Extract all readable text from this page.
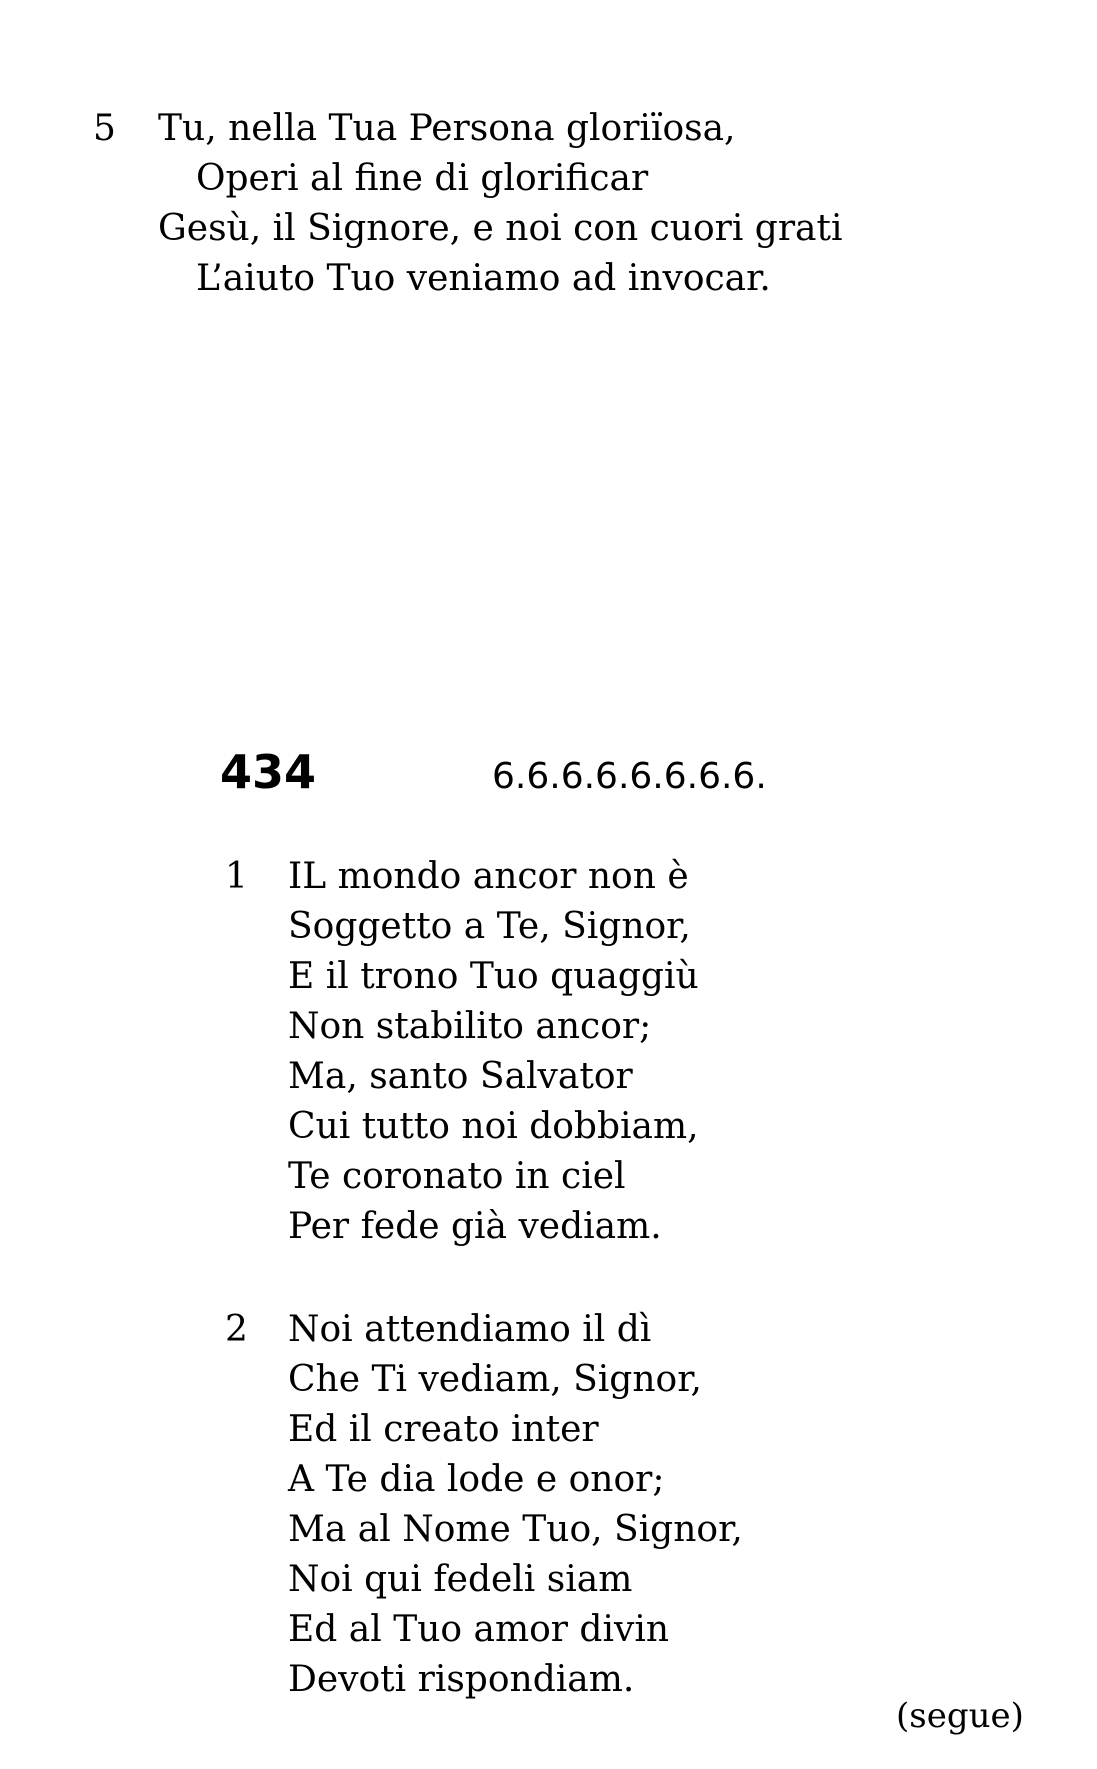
5 Tu, nella Tua Persona gloriïosa,
Operi al fine di glorificar
Gesù, il Signore, e noi con cuori grati
L’aiuto Tuo veniamo ad invocar.
434	6.6.6.6.6.6.6.6.
1 IL mondo ancor non è
Soggetto a Te, Signor,
E il trono Tuo quaggiù
Non stabilito ancor;
Ma, santo Salvator
Cui tutto noi dobbiam,
Te coronato in ciel
Per fede già vediam.
2 Noi attendiamo il dì
Che Ti vediam, Signor,
Ed il creato inter
A Te dia lode e onor;
Ma al Nome Tuo, Signor,
Noi qui fedeli siam
Ed al Tuo amor divin
Devoti rispondiam.
(segue)
